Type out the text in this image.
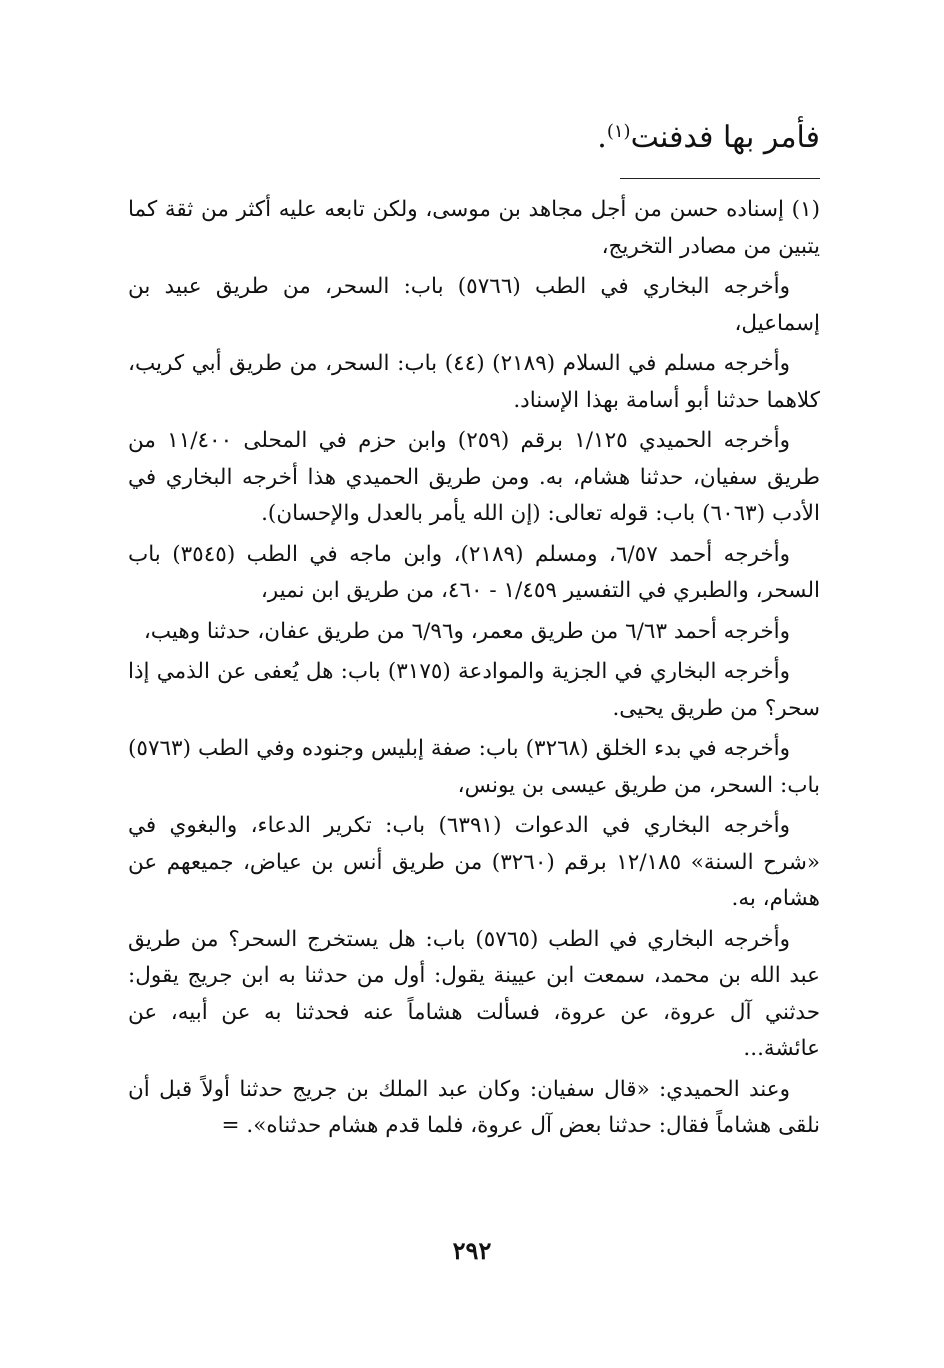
فأمر بها فدفنت$^{(١)}$.

(١) إسناده حسن من أجل مجاهد بن موسى، ولكن تابعه عليه أكثر من ثقة كما يتبين من مصادر التخريج،

وأخرجه البخاري في الطب (٥٧٦٦) باب: السحر، من طريق عبيد بن إسماعيل،

وأخرجه مسلم في السلام (٢١٨٩) (٤٤) باب: السحر، من طريق أبي كريب، كلاهما حدثنا أبو أسامة بهذا الإسناد.

وأخرجه الحميدي ١/١٢٥ برقم (٢٥٩) وابن حزم في المحلى ١١/٤٠٠ من طريق سفيان، حدثنا هشام، به. ومن طريق الحميدي هذا أخرجه البخاري في الأدب (٦٠٦٣) باب: قوله تعالى: (إن الله يأمر بالعدل والإحسان).

وأخرجه أحمد ٦/٥٧، ومسلم (٢١٨٩)، وابن ماجه في الطب (٣٥٤٥) باب السحر، والطبري في التفسير ١/٤٥٩ - ٤٦٠، من طريق ابن نمير،

وأخرجه أحمد ٦/٦٣ من طريق معمر، و٦/٩٦ من طريق عفان، حدثنا وهيب،

وأخرجه البخاري في الجزية والموادعة (٣١٧٥) باب: هل يُعفى عن الذمي إذا سحر؟ من طريق يحيى.

وأخرجه في بدء الخلق (٣٢٦٨) باب: صفة إبليس وجنوده وفي الطب (٥٧٦٣) باب: السحر، من طريق عيسى بن يونس،

وأخرجه البخاري في الدعوات (٦٣٩١) باب: تكرير الدعاء، والبغوي في «شرح السنة» ١٢/١٨٥ برقم (٣٢٦٠) من طريق أنس بن عياض، جميعهم عن هشام، به.

وأخرجه البخاري في الطب (٥٧٦٥) باب: هل يستخرج السحر؟ من طريق عبد الله بن محمد، سمعت ابن عيينة يقول: أول من حدثنا به ابن جريج يقول: حدثني آل عروة، عن عروة، فسألت هشاماً عنه فحدثنا به عن أبيه، عن عائشة...

وعند الحميدي: «قال سفيان: وكان عبد الملك بن جريج حدثنا أولاً قبل أن نلقى هشاماً فقال: حدثنا بعض آل عروة، فلما قدم هشام حدثناه». =

٢٩٢
